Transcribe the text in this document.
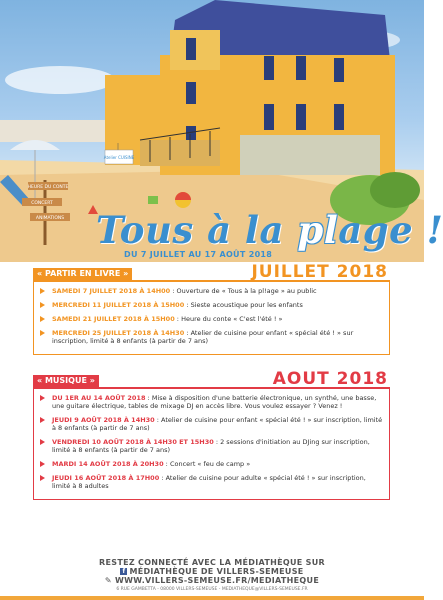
Atelier CUISINE
HEURE DU CONTE
CONCERT
ANIMATIONS Tous à la plage !
DU 7 JUILLET AU 17 AOÛT 2018
« PARTIR EN LIVRE »	JUILLET 2018
SAMEDI 7 JUILLET 2018 À 14H00 : Ouverture de « Tous à la pl!age » au public
MERCREDI 11 JUILLET 2018 À 15H00 : Sieste acoustique pour les enfants
SAMEDI 21 JUILLET 2018 À 15H00 : Heure du conte « C'est l'été ! »
MERCREDI 25 JUILLET 2018 À 14H30 : Atelier de cuisine pour enfant « spécial été ! » sur inscription, limité à 8 enfants (à partir de 7 ans)
« MUSIQUE »	AOUT 2018
DU 1ER AU 14 AOÛT 2018 : Mise à disposition d'une batterie électronique, un synthé, une basse, une guitare électrique, tables de mixage DJ en accès libre. Vous voulez essayer ? Venez !
JEUDI 9 AOÛT 2018 À 14H30 : Atelier de cuisine pour enfant « spécial été ! » sur inscription, limité à 8 enfants (à partir de 7 ans)
VENDREDI 10 AOÛT 2018 À 14H30 ET 15H30 : 2 sessions d'initiation au DJing sur inscription, limité à 8 enfants (à partir de 7 ans)
MARDI 14 AOÛT 2018 À 20H30 : Concert « feu de camp »
JEUDI 16 AOÛT 2018 À 17H00 : Atelier de cuisine pour adulte « spécial été ! » sur inscription, limité à 8 adultes
RESTEZ CONNECTÉ AVEC LA MÉDIATHÈQUE SUR
f MÉDIATHÈQUE DE VILLERS-SEMEUSE
✎ WWW.VILLERS-SEMEUSE.FR/MEDIATHEQUE
6 RUE GAMBETTA - 08000 VILLERS-SEMEUSE - MEDIATHEQUE@VILLERS-SEMEUSE.FR
